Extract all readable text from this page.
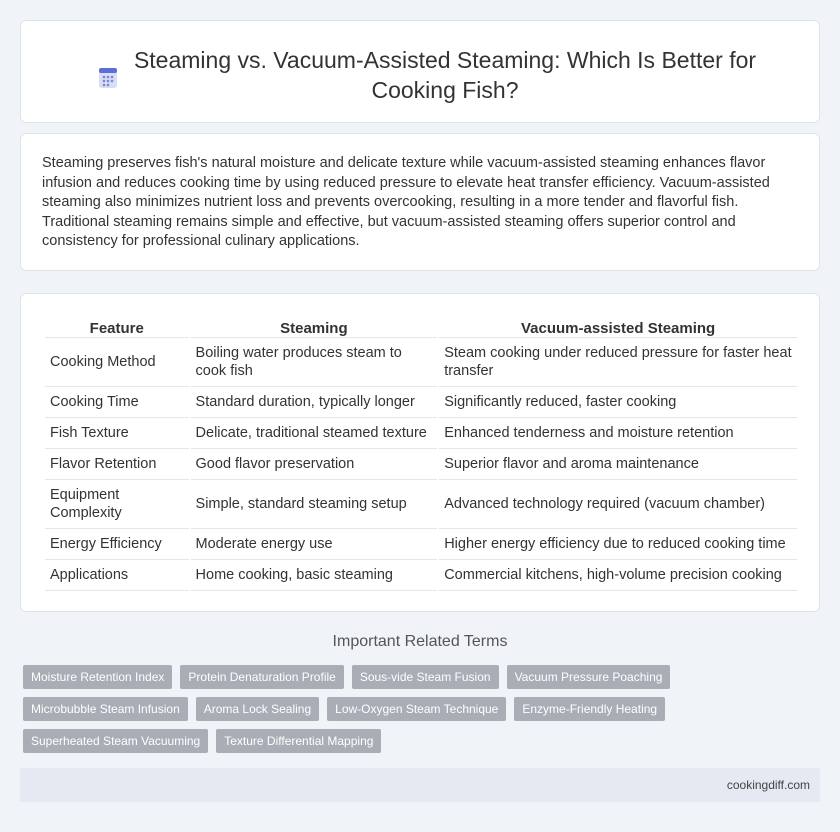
Steaming vs. Vacuum-Assisted Steaming: Which Is Better for Cooking Fish?

Steaming preserves fish's natural moisture and delicate texture while vacuum-assisted steaming enhances flavor infusion and reduces cooking time by using reduced pressure to elevate heat transfer efficiency. Vacuum-assisted steaming also minimizes nutrient loss and prevents overcooking, resulting in a more tender and flavorful fish. Traditional steaming remains simple and effective, but vacuum-assisted steaming offers superior control and consistency for professional culinary applications.

Feature	Steaming	Vacuum-assisted Steaming
Cooking Method	Boiling water produces steam to cook fish	Steam cooking under reduced pressure for faster heat transfer
Cooking Time	Standard duration, typically longer	Significantly reduced, faster cooking
Fish Texture	Delicate, traditional steamed texture	Enhanced tenderness and moisture retention
Flavor Retention	Good flavor preservation	Superior flavor and aroma maintenance
Equipment Complexity	Simple, standard steaming setup	Advanced technology required (vacuum chamber)
Energy Efficiency	Moderate energy use	Higher energy efficiency due to reduced cooking time
Applications	Home cooking, basic steaming	Commercial kitchens, high-volume precision cooking
Important Related Terms
Moisture Retention Index	Protein Denaturation Profile	Sous-vide Steam Fusion	Vacuum Pressure Poaching
Microbubble Steam Infusion	Aroma Lock Sealing	Low-Oxygen Steam Technique	Enzyme-Friendly Heating
Superheated Steam Vacuuming	Texture Differential Mapping
cookingdiff.com
